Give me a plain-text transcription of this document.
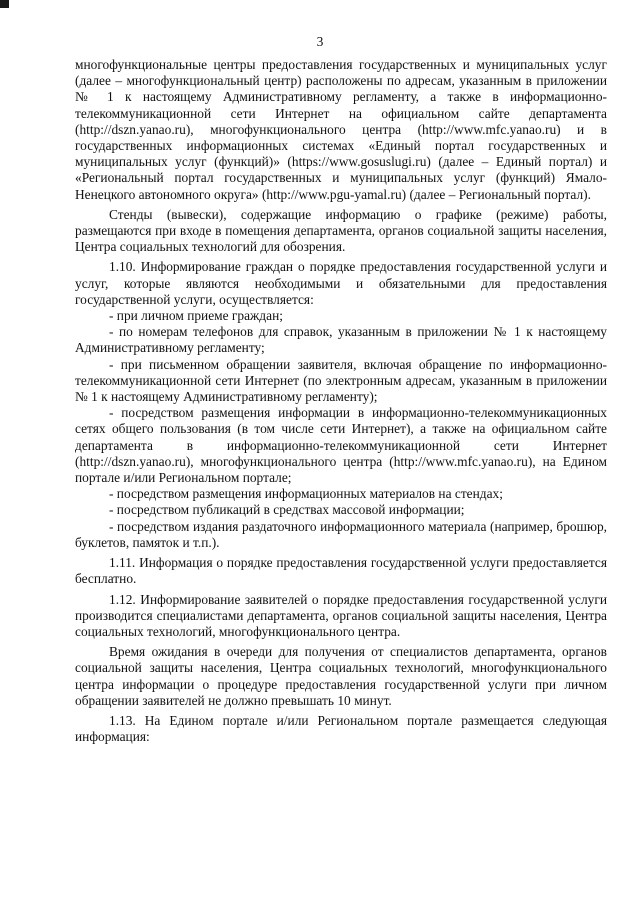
3

многофункциональные центры предоставления государственных и муниципальных услуг (далее – многофункциональный центр) расположены по адресам, указанным в приложении № 1 к настоящему Административному регламенту, а также в информационно-телекоммуникационной сети Интернет на официальном сайте департамента (http://dszn.yanao.ru), многофункционального центра (http://www.mfc.yanao.ru) и в государственных информационных системах «Единый портал государственных и муниципальных услуг (функций)» (https://www.gosuslugi.ru) (далее – Единый портал) и «Региональный портал государственных и муниципальных услуг (функций) Ямало-Ненецкого автономного округа» (http://www.pgu-yamal.ru) (далее – Региональный портал).

Стенды (вывески), содержащие информацию о графике (режиме) работы, размещаются при входе в помещения департамента, органов социальной защиты населения, Центра социальных технологий для обозрения.

1.10. Информирование граждан о порядке предоставления государственной услуги и услуг, которые являются необходимыми и обязательными для предоставления государственной услуги, осуществляется:

- при личном приеме граждан;

- по номерам телефонов для справок, указанным в приложении № 1 к настоящему Административному регламенту;

- при письменном обращении заявителя, включая обращение по информационно-телекоммуникационной сети Интернет (по электронным адресам, указанным в приложении № 1 к настоящему Административному регламенту);

- посредством размещения информации в информационно-телекоммуникационных сетях общего пользования (в том числе сети Интернет), а также на официальном сайте департамента в информационно-телекоммуникационной сети Интернет (http://dszn.yanao.ru), многофункционального центра (http://www.mfc.yanao.ru), на Едином портале и/или Региональном портале;

- посредством размещения информационных материалов на стендах;

- посредством публикаций в средствах массовой информации;

- посредством издания раздаточного информационного материала (например, брошюр, буклетов, памяток и т.п.).

1.11. Информация о порядке предоставления государственной услуги предоставляется бесплатно.

1.12. Информирование заявителей о порядке предоставления государственной услуги производится специалистами департамента, органов социальной защиты населения, Центра социальных технологий, многофункционального центра.

Время ожидания в очереди для получения от специалистов департамента, органов социальной защиты населения, Центра социальных технологий, многофункционального центра информации о процедуре предоставления государственной услуги при личном обращении заявителей не должно превышать 10 минут.

1.13. На Едином портале и/или Региональном портале размещается следующая информация:
